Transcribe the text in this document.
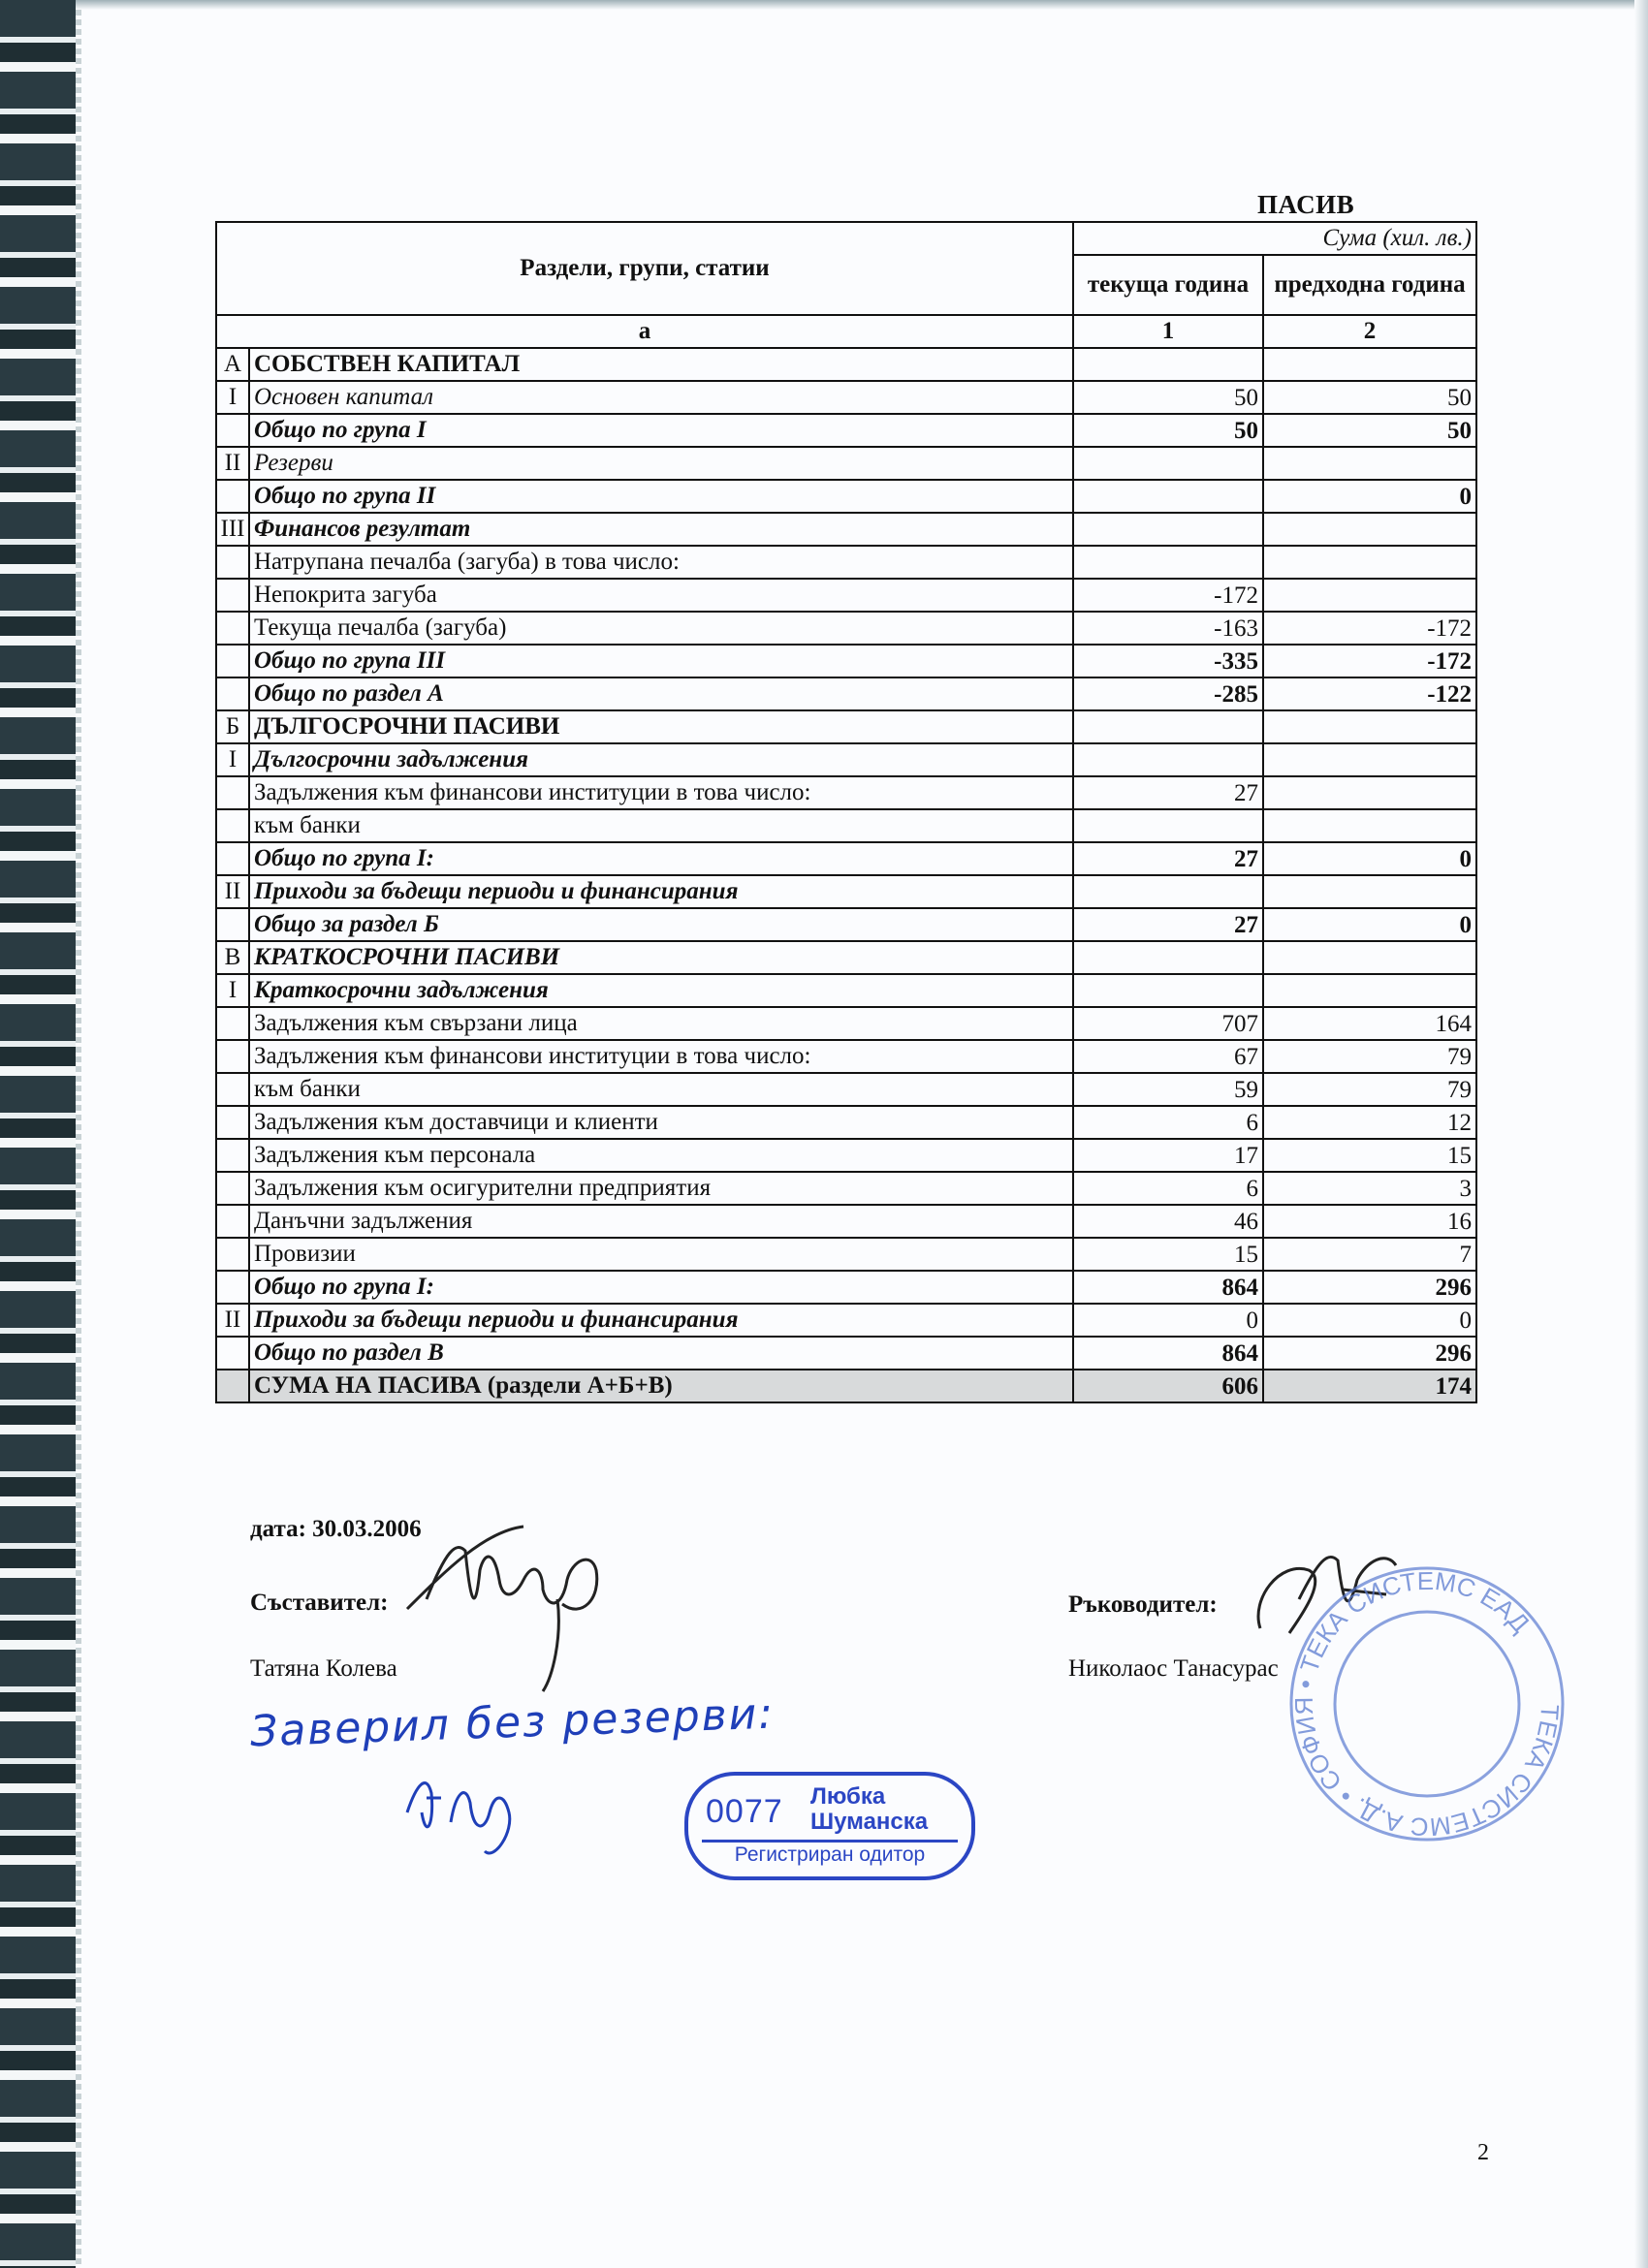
ПАСИВ
Раздели, групи, статии		Сума (хил. лв.)	
		текуща година	предходна година
а		1	2
А	СОБСТВЕН КАПИТАЛ		
I	Основен капитал	50	50
	Общо по група I	50	50
II	Резерви		
	Общо по група II		0
III	Финансов резултат		
	Натрупана печалба (загуба) в това число:		
	Непокрита загуба	-172	
	Текуща печалба (загуба)	-163	-172
	Общо по група III	-335	-172
	Общо по раздел А	-285	-122
Б	ДЪЛГОСРОЧНИ ПАСИВИ		
I	Дългосрочни задължения		
	Задължения към финансови институции в това число:	27	
	към банки		
	Общо по група I:	27	0
II	Приходи за бъдещи периоди и финансирания		
	Общо за раздел Б	27	0
В	КРАТКОСРОЧНИ ПАСИВИ		
I	Краткосрочни задължения		
	Задължения към свързани лица	707	164
	Задължения към финансови институции в това число:	67	79
	към банки	59	79
	Задължения към доставчици и клиенти	6	12
	Задължения към персонала	17	15
	Задължения към осигурителни предприятия	6	3
	Данъчни задължения	46	16
	Провизии	15	7
	Общо по група I:	864	296
II	Приходи за бъдещи периоди и финансирания	0	0
	Общо по раздел В	864	296
	СУМА НА ПАСИВА (раздели А+Б+В)	606	174
дата: 30.03.2006
Съставител:
Татяна Колева
Ръководител:
Николаос Танасурас
Заверил без резерви:
0077 Любка
Шуманска
Регистриран одитор
ТЕКА СИСТЕМС А.Д. • СОФИЯ • ТЕКА СИСТЕМС ЕАД
2
